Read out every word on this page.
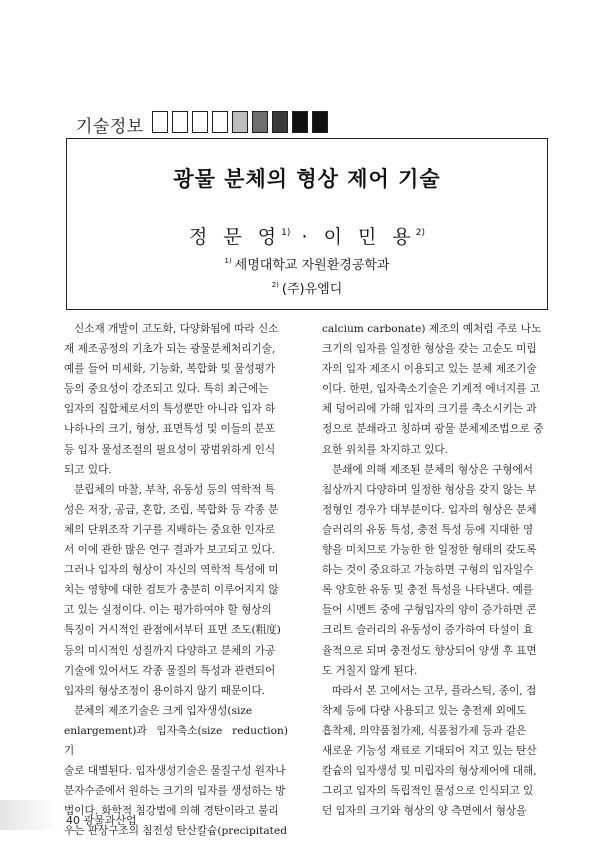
기술정보
광물 분체의 형상 제어 기술
정 문 영$^{1)}$ · 이 민 용$^{2)}$
$^{1)}$ 세명대학교 자원환경공학과
$^{2)}$ (주)유엠디

신소재 개발이 고도화, 다양화됨에 따라 신소
재 제조공정의 기초가 되는 광물분체처리기술,
예를 들어 미세화, 기능화, 복합화 및 물성평가
등의 중요성이 강조되고 있다. 특히 최근에는
입자의 집합체로서의 특성뿐만 아니라 입자 하
나하나의 크기, 형상, 표면특성 및 이들의 분포
등 입자 물성조절의 필요성이 광범위하게 인식
되고 있다.

분립체의 마찰, 부착, 유동성 등의 역학적 특
성은 저장, 공급, 혼합, 조립, 복합화 등 각종 분
체의 단위조작 기구를 지배하는 중요한 인자로
서 이에 관한 많은 연구 결과가 보고되고 있다.
그러나 입자의 형상이 자신의 역학적 특성에 미
치는 영향에 대한 검토가 충분히 이루어지지 않
고 있는 실정이다. 이는 평가하여야 할 형상의
특징이 거시적인 관점에서부터 표면 조도(粗度)
등의 미시적인 성질까지 다양하고 분체의 가공
기술에 있어서도 각종 물질의 특성과 관련되어
입자의 형상조정이 용이하지 않기 때문이다.

분체의 제조기술은 크게 입자생성(size
enlargement)과 입자축소(size reduction) 기
술로 대별된다. 입자생성기술은 물질구성 원자나
분자수준에서 원하는 크기의 입자를 생성하는 방
법이다. 화학적 침강법에 의해 경탄이라고 불리
우는 판상구조의 침전성 탄산칼슘(precipitated

calcium carbonate) 제조의 예처럼 주로 나노
크기의 입자를 일정한 형상을 갖는 고순도 미립
자의 입자 제조시 이용되고 있는 분체 제조기술
이다. 한편, 입자축소기술은 기계적 에너지를 고
체 덩어리에 가해 입자의 크기를 축소시키는 과
정으로 분쇄라고 칭하며 광물 분체제조법으로 중
요한 위치를 차지하고 있다.

분쇄에 의해 제조된 분체의 형상은 구형에서
침상까지 다양하며 일정한 형상을 갖지 않는 부
정형인 경우가 대부분이다. 입자의 형상은 분체
슬러리의 유동 특성, 충전 특성 등에 지대한 영
향을 미치므로 가능한 한 일정한 형태의 갖도록
하는 것이 중요하고 가능하면 구형의 입자일수
록 양호한 유동 및 충전 특성을 나타낸다. 예를
들어 시멘트 중에 구형입자의 양이 증가하면 콘
크리트 슬러리의 유동성이 증가하여 타설이 효
율적으로 되며 충전성도 향상되어 양생 후 표면
도 거칠지 않게 된다.

따라서 본 고에서는 고무, 플라스틱, 종이, 접
착제 등에 다량 사용되고 있는 충전제 외에도
흡착제, 의약품첨가제, 식품첨가제 등과 같은
새로운 기능성 재료로 기대되어 지고 있는 탄산
칼슘의 입자생성 및 미립자의 형상제어에 대해,
그리고 입자의 독립적인 물성으로 인식되고 있
던 입자의 크기와 형상의 양 측면에서 형상을

40 광물과산업
